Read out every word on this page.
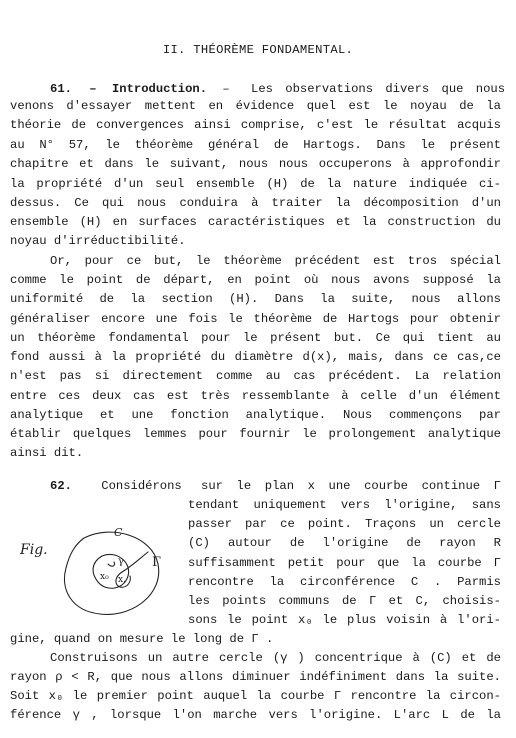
II. THÉORÈME FONDAMENTAL.
61. – Introduction. – Les observations divers que nous
venons d'essayer mettent en évidence quel est le noyau de la
théorie de convergences ainsi comprise, c'est le résultat acquis
au N° 57, le théorème général de Hartogs. Dans le présent
chapitre et dans le suivant, nous nous occuperons à approfondir
la propriété d'un seul ensemble (H) de la nature indiquée ci-
dessus. Ce qui nous conduira à traiter la décomposition d'un
ensemble (H) en surfaces caractéristiques et la construction du
noyau d'irréductibilité.
Or, pour ce but, le théorème précédent est tros spécial
comme le point de départ, en point où nous avons supposé la
uniformité de la section (H). Dans la suite, nous allons
généraliser encore une fois le théorème de Hartogs pour obtenir
un théorème fondamental pour le présent but. Ce qui tient au
fond aussi à la propriété du diamètre d(x), mais, dans ce cas,ce
n'est pas si directement comme au cas précédent. La relation
entre ces deux cas est très ressemblante à celle d'un élément
analytique et une fonction analytique. Nous commençons par
établir quelques lemmes pour fournir le prolongement analytique
ainsi dit.
62. Considérons sur le plan x une courbe continue Γ
tendant uniquement vers l'origine, sans
passer par ce point. Traçons un cercle
(C) autour de l'origine de rayon R
suffisamment petit pour que la courbe Γ
rencontre la circonférence C . Parmis
les points communs de Γ et C, choisis-
sons le point x₀ le plus voisin à l'ori-
gine, quand on mesure le long de Γ .
Construisons un autre cercle (γ ) concentrique à (C) et de
rayon ρ < R, que nous allons diminuer indéfiniment dans la suite.
Soit x₀ le premier point auquel la courbe Γ rencontre la circon-
férence γ , lorsque l'on marche vers l'origine. L'arc L de la
Fig.
C
γ Γ
x₀ x.
